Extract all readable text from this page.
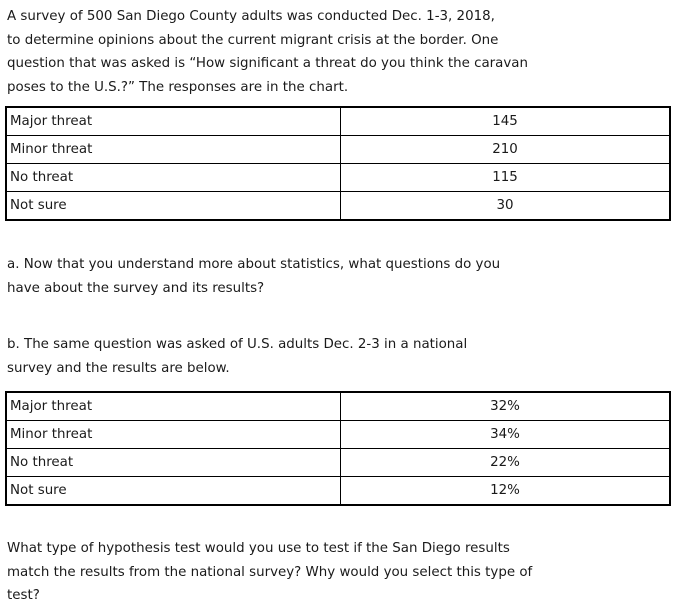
A survey of 500 San Diego County adults was conducted Dec. 1-3, 2018,
to determine opinions about the current migrant crisis at the border. One
question that was asked is “How significant a threat do you think the caravan
poses to the U.S.?” The responses are in the chart.
Major threat	145
Minor threat	210
No threat	115
Not sure	30
a. Now that you understand more about statistics, what questions do you
have about the survey and its results?
b. The same question was asked of U.S. adults Dec. 2-3 in a national
survey and the results are below.
Major threat	32%
Minor threat	34%
No threat	22%
Not sure	12%
What type of hypothesis test would you use to test if the San Diego results
match the results from the national survey? Why would you select this type of
test?
